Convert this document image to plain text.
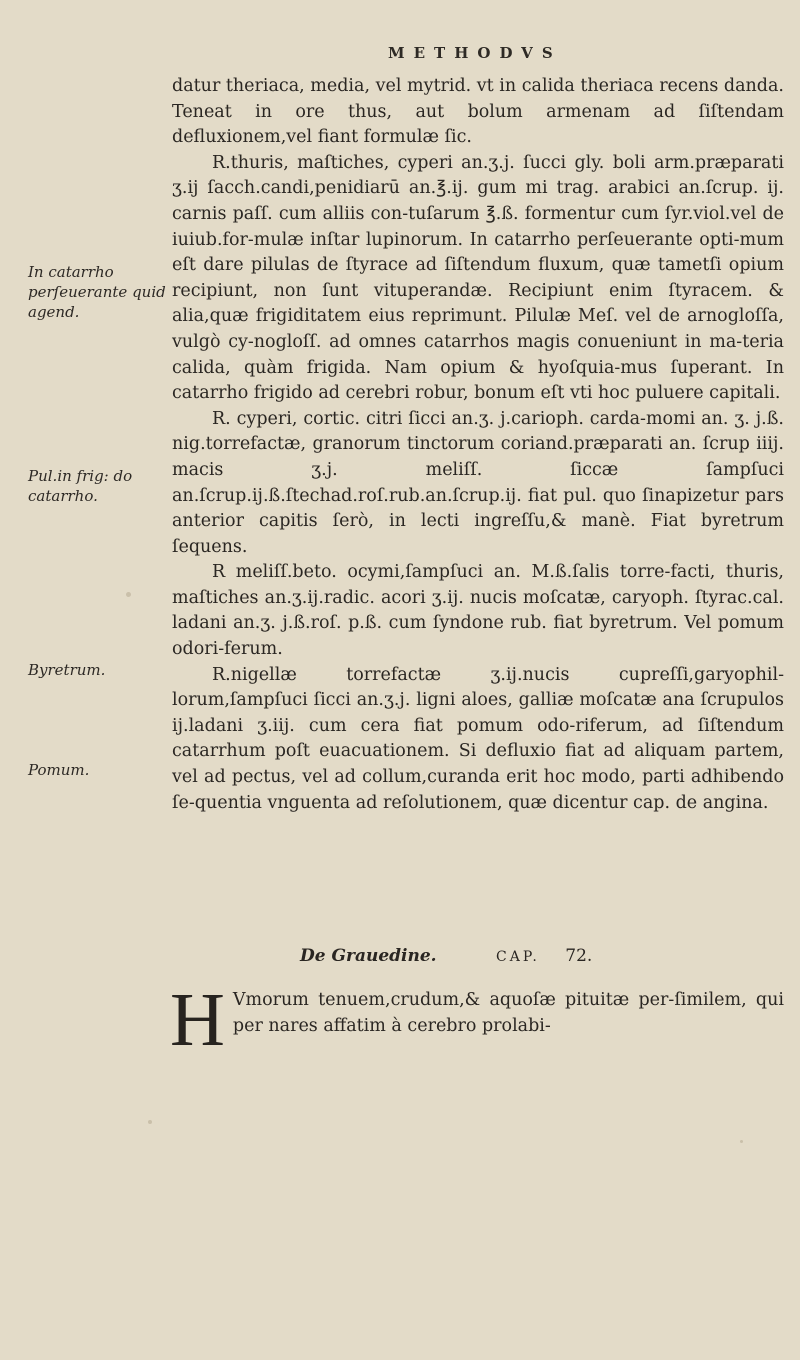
METHODVS
In catarrho perſeuerante quid agend.
Pul.in frig: do catarrho.
Byretrum.
Pomum.

datur theriaca, media, vel mytrid. vt in calida theriaca recens danda. Teneat in ore thus, aut bolum armenam ad ſiſtendam defluxionem,vel fiant formulæ ſic.

R.thuris, maſtiches, cyperi an.ʒ.j. ſucci gly. boli arm.præparati ʒ.ij ſacch.candi,penidiarū an.℥.ij. gum mi trag. arabici an.ſcrup. ij. carnis paſſ. cum alliis con-tuſarum ℥.ß. formentur cum ſyr.viol.vel de iuiub.for-mulæ inſtar lupinorum. In catarrho perſeuerante opti-mum eſt dare pilulas de ſtyrace ad ſiſtendum fluxum, quæ tametſi opium recipiunt, non ſunt vituperandæ. Recipiunt enim ſtyracem. & alia,quæ frigiditatem eius reprimunt. Pilulæ Meſ. vel de arnogloſſa, vulgò cy-nogloſſ. ad omnes catarrhos magis conueniunt in ma-teria calida, quàm frigida. Nam opium & hyoſquia-mus ſuperant. In catarrho frigido ad cerebri robur, bonum eſt vti hoc puluere capitali.

R. cyperi, cortic. citri ſicci an.ʒ. j.carioph. carda-momi an. ʒ. j.ß. nig.torrefactæ, granorum tinctorum coriand.præparati an. ſcrup iiij. macis ʒ.j. meliſſ. ſiccæ ſampſuci an.ſcrup.ij.ß.ſtechad.roſ.rub.an.ſcrup.ij. fiat pul. quo ſinapizetur pars anterior capitis ſerò, in lecti ingreſſu,& manè. Fiat byretrum ſequens.

R meliſſ.beto. ocymi,ſampſuci an. M.ß.ſalis torre-facti, thuris, maſtiches an.ʒ.ij.radic. acori ʒ.ij. nucis moſcatæ, caryoph. ſtyrac.cal. ladani an.ʒ. j.ß.roſ. p.ß. cum ſyndone rub. fiat byretrum. Vel pomum odori-ferum.

R.nigellæ torrefactæ ʒ.ij.nucis cupreſſi,garyophil-lorum,ſampſuci ſicci an.ʒ.j. ligni aloes, galliæ moſcatæ ana ſcrupulos ij.ladani ʒ.iij. cum cera fiat pomum odo-riferum, ad ſiſtendum catarrhum poſt euacuationem. Si defluxio fiat ad aliquam partem, vel ad pectus, vel ad collum,curanda erit hoc modo, parti adhibendo ſe-quentia vnguenta ad reſolutionem, quæ dicentur cap. de angina.

De Grauedine.	CAP. 72.
H Vmorum tenuem,crudum,& aquoſæ pituitæ per-ſimilem, qui per nares affatim à cerebro prolabi-
